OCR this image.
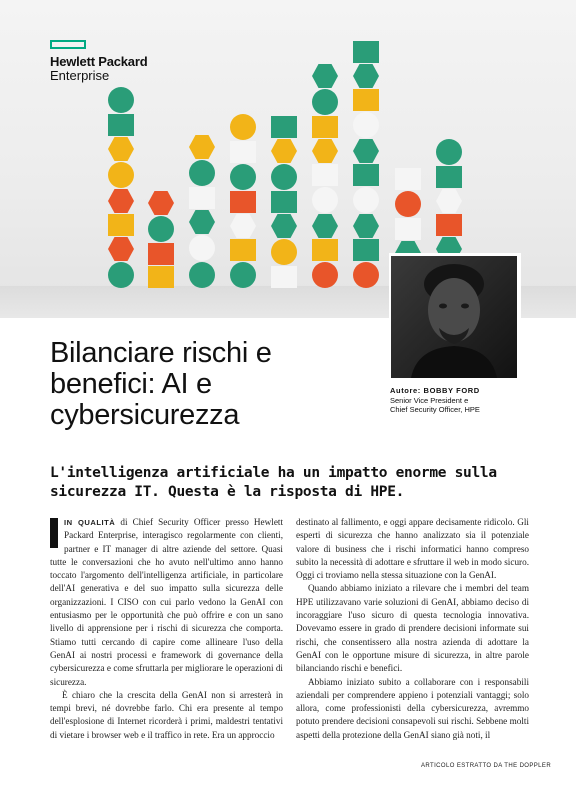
Hewlett Packard
Enterprise
Autore: BOBBY FORD
Senior Vice President e
Chief Security Officer, HPE
Bilanciare rischi e benefici: AI e cybersicurezza
L'intelligenza artificiale ha un impatto enorme sulla sicurezza IT. Questa è la risposta di HPE.

IN QUALITÀ di Chief Security Officer presso Hewlett Packard Enterprise, interagisco regolarmente con clienti, partner e IT manager di altre aziende del settore. Quasi tutte le conversazioni che ho avuto nell'ultimo anno hanno toccato l'argomento dell'intelligenza artificiale, in particolare dell'AI generativa e del suo impatto sulla sicurezza delle organizzazioni. I CISO con cui parlo vedono la GenAI con entusiasmo per le opportunità che può offrire e con un sano livello di apprensione per i rischi di sicurezza che comporta. Stiamo tutti cercando di capire come allineare l'uso della GenAI ai nostri processi e framework di governance della cybersicurezza e come sfruttarla per migliorare le operazioni di sicurezza.

È chiaro che la crescita della GenAI non si arresterà in tempi brevi, né dovrebbe farlo. Chi era presente al tempo dell'esplosione di Internet ricorderà i primi, maldestri tentativi di vietare i browser web e il traffico in rete. Era un approccio

destinato al fallimento, e oggi appare decisamente ridicolo. Gli esperti di sicurezza che hanno analizzato sia il potenziale valore di business che i rischi informatici hanno compreso subito la necessità di adottare e sfruttare il web in modo sicuro. Oggi ci troviamo nella stessa situazione con la GenAI.

Quando abbiamo iniziato a rilevare che i membri del team HPE utilizzavano varie soluzioni di GenAI, abbiamo deciso di incoraggiare l'uso sicuro di questa tecnologia innovativa. Dovevamo essere in grado di prendere decisioni informate sui rischi, che consentissero alla nostra azienda di adottare la GenAI con le opportune misure di sicurezza, in altre parole bilanciando rischi e benefici.

Abbiamo iniziato subito a collaborare con i responsabili aziendali per comprendere appieno i potenziali vantaggi; solo allora, come professionisti della cybersicurezza, avremmo potuto prendere decisioni consapevoli sui rischi. Sebbene molti aspetti della protezione della GenAI siano già noti, il

ARTICOLO ESTRATTO DA THE DOPPLER
